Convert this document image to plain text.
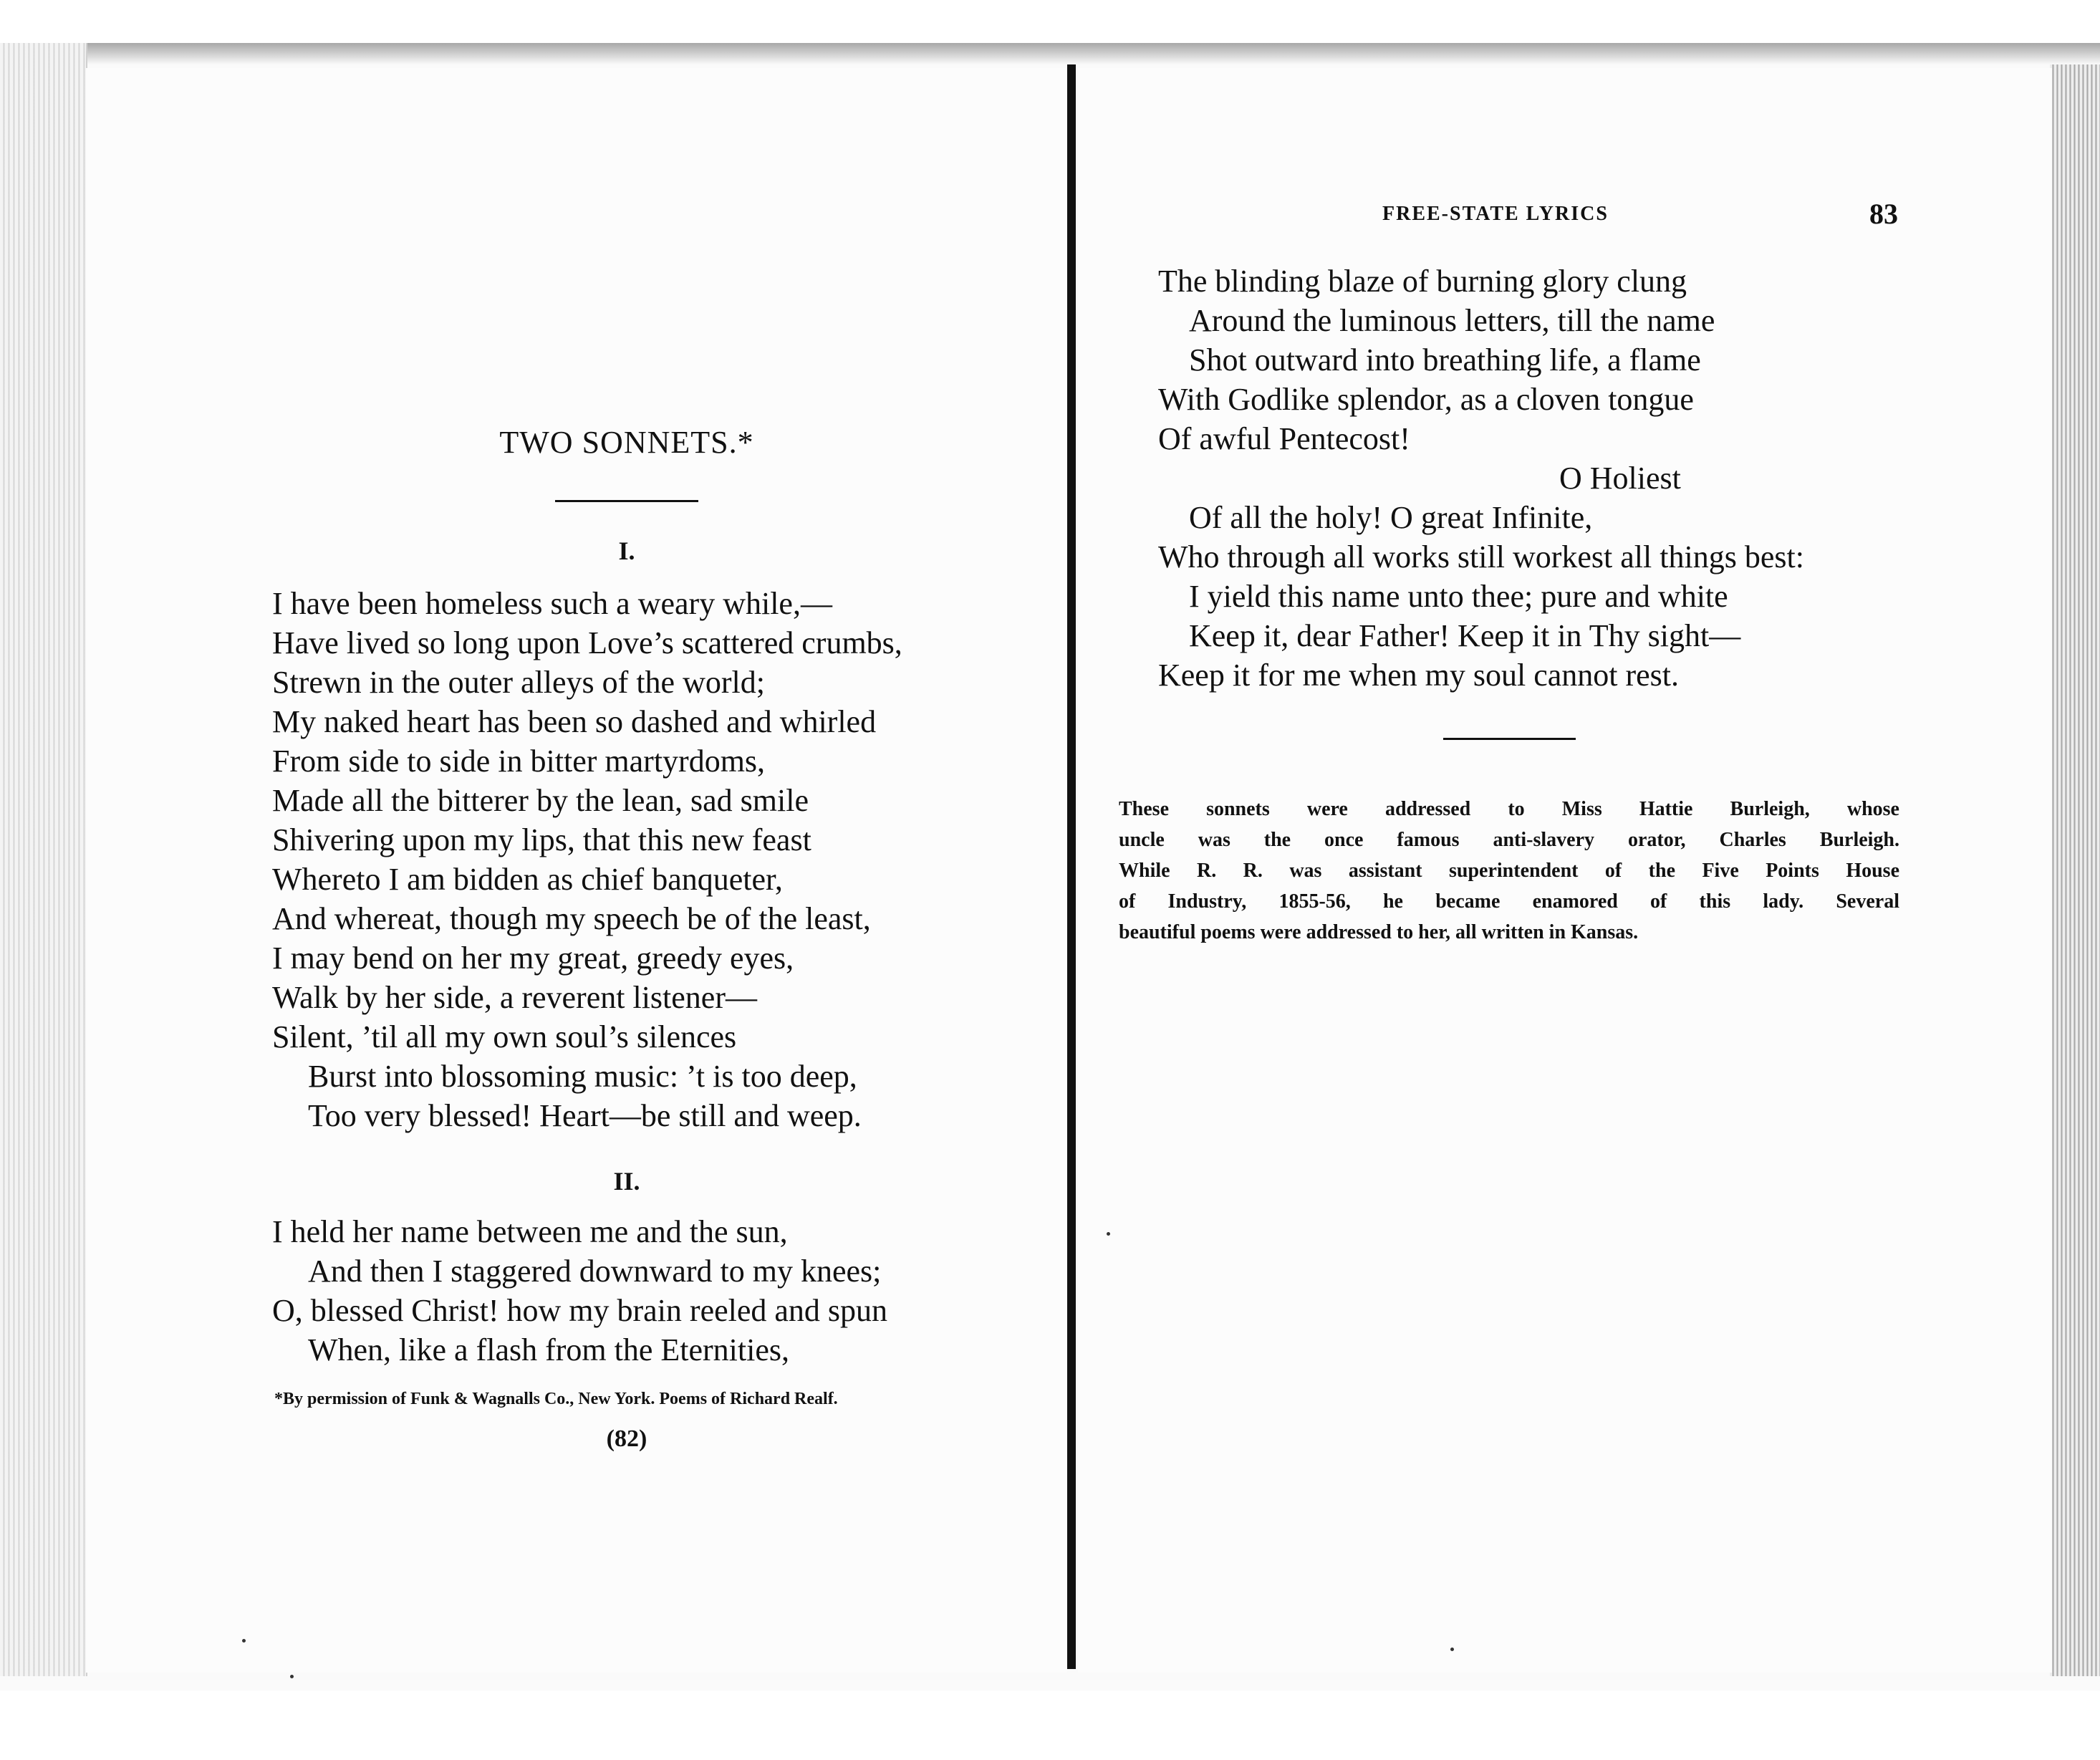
TWO SONNETS.*
I.
I have been homeless such a weary while,—
Have lived so long upon Love’s scattered crumbs,
Strewn in the outer alleys of the world;
My naked heart has been so dashed and whirled
From side to side in bitter martyrdoms,
Made all the bitterer by the lean, sad smile
Shivering upon my lips, that this new feast
Whereto I am bidden as chief banqueter,
And whereat, though my speech be of the least,
I may bend on her my great, greedy eyes,
Walk by her side, a reverent listener—
Silent, ’til all my own soul’s silences
Burst into blossoming music: ’t is too deep,
Too very blessed! Heart—be still and weep.
II.
I held her name between me and the sun,
And then I staggered downward to my knees;
O, blessed Christ! how my brain reeled and spun
When, like a flash from the Eternities,
*By permission of Funk & Wagnalls Co., New York. Poems of Richard Realf.
(82)
FREE-STATE LYRICS	83
The blinding blaze of burning glory clung
Around the luminous letters, till the name
Shot outward into breathing life, a flame
With Godlike splendor, as a cloven tongue
Of awful Pentecost!
O Holiest
Of all the holy! O great Infinite,
Who through all works still workest all things best:
I yield this name unto thee; pure and white
Keep it, dear Father! Keep it in Thy sight—
Keep it for me when my soul cannot rest.
These sonnets were addressed to Miss Hattie Burleigh, whose
uncle was the once famous anti-slavery orator, Charles Burleigh.
While R. R. was assistant superintendent of the Five Points House
of Industry, 1855-56, he became enamored of this lady. Several
beautiful poems were addressed to her, all written in Kansas.
